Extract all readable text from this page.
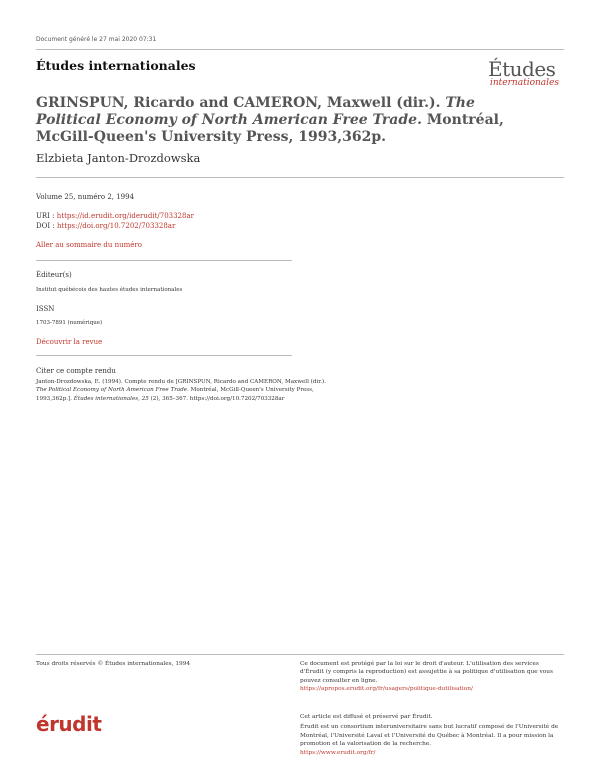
Document généré le 27 mai 2020 07:31
Études internationales	Études
internationales
GRINSPUN, Ricardo and CAMERON, Maxwell (dir.). The Political Economy of North American Free Trade. Montréal, McGill-Queen's University Press, 1993,362p.
Elzbieta Janton-Drozdowska
Volume 25, numéro 2, 1994
URI : https://id.erudit.org/iderudit/703328ar
DOI : https://doi.org/10.7202/703328ar
Aller au sommaire du numéro
Éditeur(s)
Institut québécois des hautes études internationales
ISSN
1703-7891 (numérique)
Découvrir la revue
Citer ce compte rendu
Janton-Drozdowska, E. (1994). Compte rendu de [GRINSPUN, Ricardo and CAMERON, Maxwell (dir.). The Political Economy of North American Free Trade. Montréal, McGill-Queen's University Press, 1993,362p.]. Études internationales, 25 (2), 365–367. https://doi.org/10.7202/703328ar
Tous droits réservés © Études internationales, 1994	Ce document est protégé par la loi sur le droit d'auteur. L'utilisation des services d'Érudit (y compris la reproduction) est assujettie à sa politique d'utilisation que vous pouvez consulter en ligne.
https://apropos.erudit.org/fr/usagers/politique-dutilisation/
érudit	Cet article est diffusé et préservé par Érudit.
Érudit est un consortium interuniversitaire sans but lucratif composé de l'Université de Montréal, l'Université Laval et l'Université du Québec à Montréal. Il a pour mission la promotion et la valorisation de la recherche.
https://www.erudit.org/fr/
